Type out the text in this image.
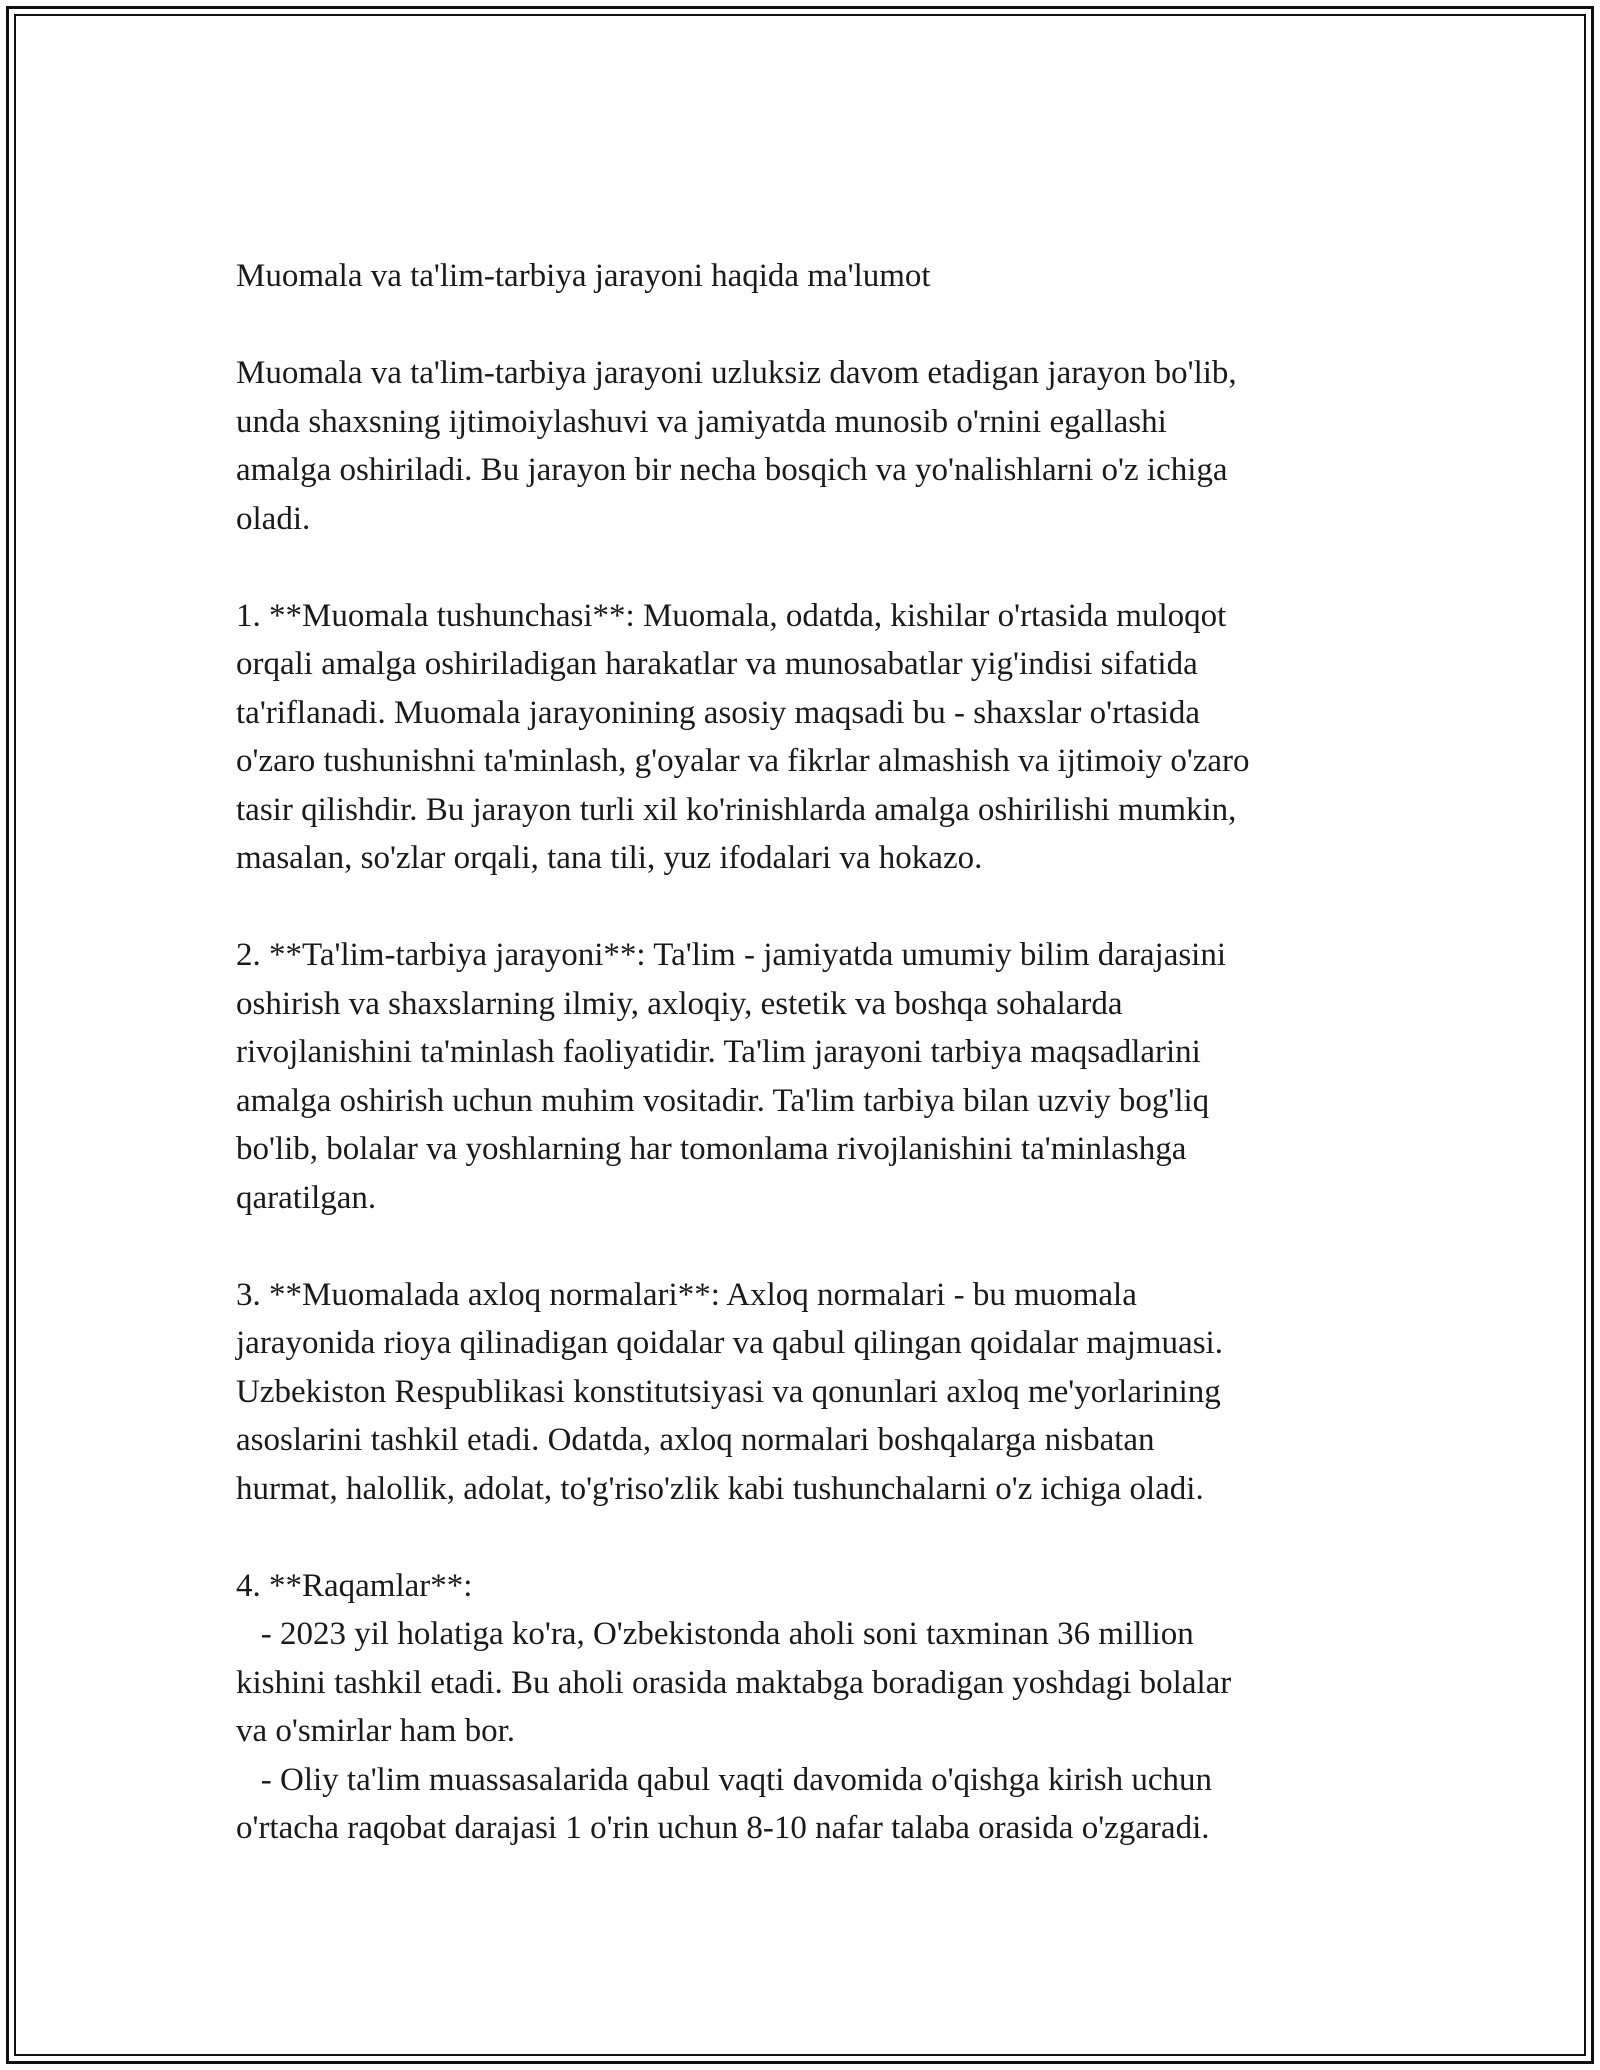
Muomala va ta'lim-tarbiya jarayoni haqida ma'lumot
Muomala va ta'lim-tarbiya jarayoni uzluksiz davom etadigan jarayon bo'lib,
unda shaxsning ijtimoiylashuvi va jamiyatda munosib o'rnini egallashi
amalga oshiriladi. Bu jarayon bir necha bosqich va yo'nalishlarni o'z ichiga
oladi.
1. **Muomala tushunchasi**: Muomala, odatda, kishilar o'rtasida muloqot
orqali amalga oshiriladigan harakatlar va munosabatlar yig'indisi sifatida
ta'riflanadi. Muomala jarayonining asosiy maqsadi bu - shaxslar o'rtasida
o'zaro tushunishni ta'minlash, g'oyalar va fikrlar almashish va ijtimoiy o'zaro
tasir qilishdir. Bu jarayon turli xil ko'rinishlarda amalga oshirilishi mumkin,
masalan, so'zlar orqali, tana tili, yuz ifodalari va hokazo.
2. **Ta'lim-tarbiya jarayoni**: Ta'lim - jamiyatda umumiy bilim darajasini
oshirish va shaxslarning ilmiy, axloqiy, estetik va boshqa sohalarda
rivojlanishini ta'minlash faoliyatidir. Ta'lim jarayoni tarbiya maqsadlarini
amalga oshirish uchun muhim vositadir. Ta'lim tarbiya bilan uzviy bog'liq
bo'lib, bolalar va yoshlarning har tomonlama rivojlanishini ta'minlashga
qaratilgan.
3. **Muomalada axloq normalari**: Axloq normalari - bu muomala
jarayonida rioya qilinadigan qoidalar va qabul qilingan qoidalar majmuasi.
Uzbekiston Respublikasi konstitutsiyasi va qonunlari axloq me'yorlarining
asoslarini tashkil etadi. Odatda, axloq normalari boshqalarga nisbatan
hurmat, halollik, adolat, to'g'riso'zlik kabi tushunchalarni o'z ichiga oladi.
4. **Raqamlar**:
- 2023 yil holatiga ko'ra, O'zbekistonda aholi soni taxminan 36 million
kishini tashkil etadi. Bu aholi orasida maktabga boradigan yoshdagi bolalar
va o'smirlar ham bor.
- Oliy ta'lim muassasalarida qabul vaqti davomida o'qishga kirish uchun
o'rtacha raqobat darajasi 1 o'rin uchun 8-10 nafar talaba orasida o'zgaradi.
